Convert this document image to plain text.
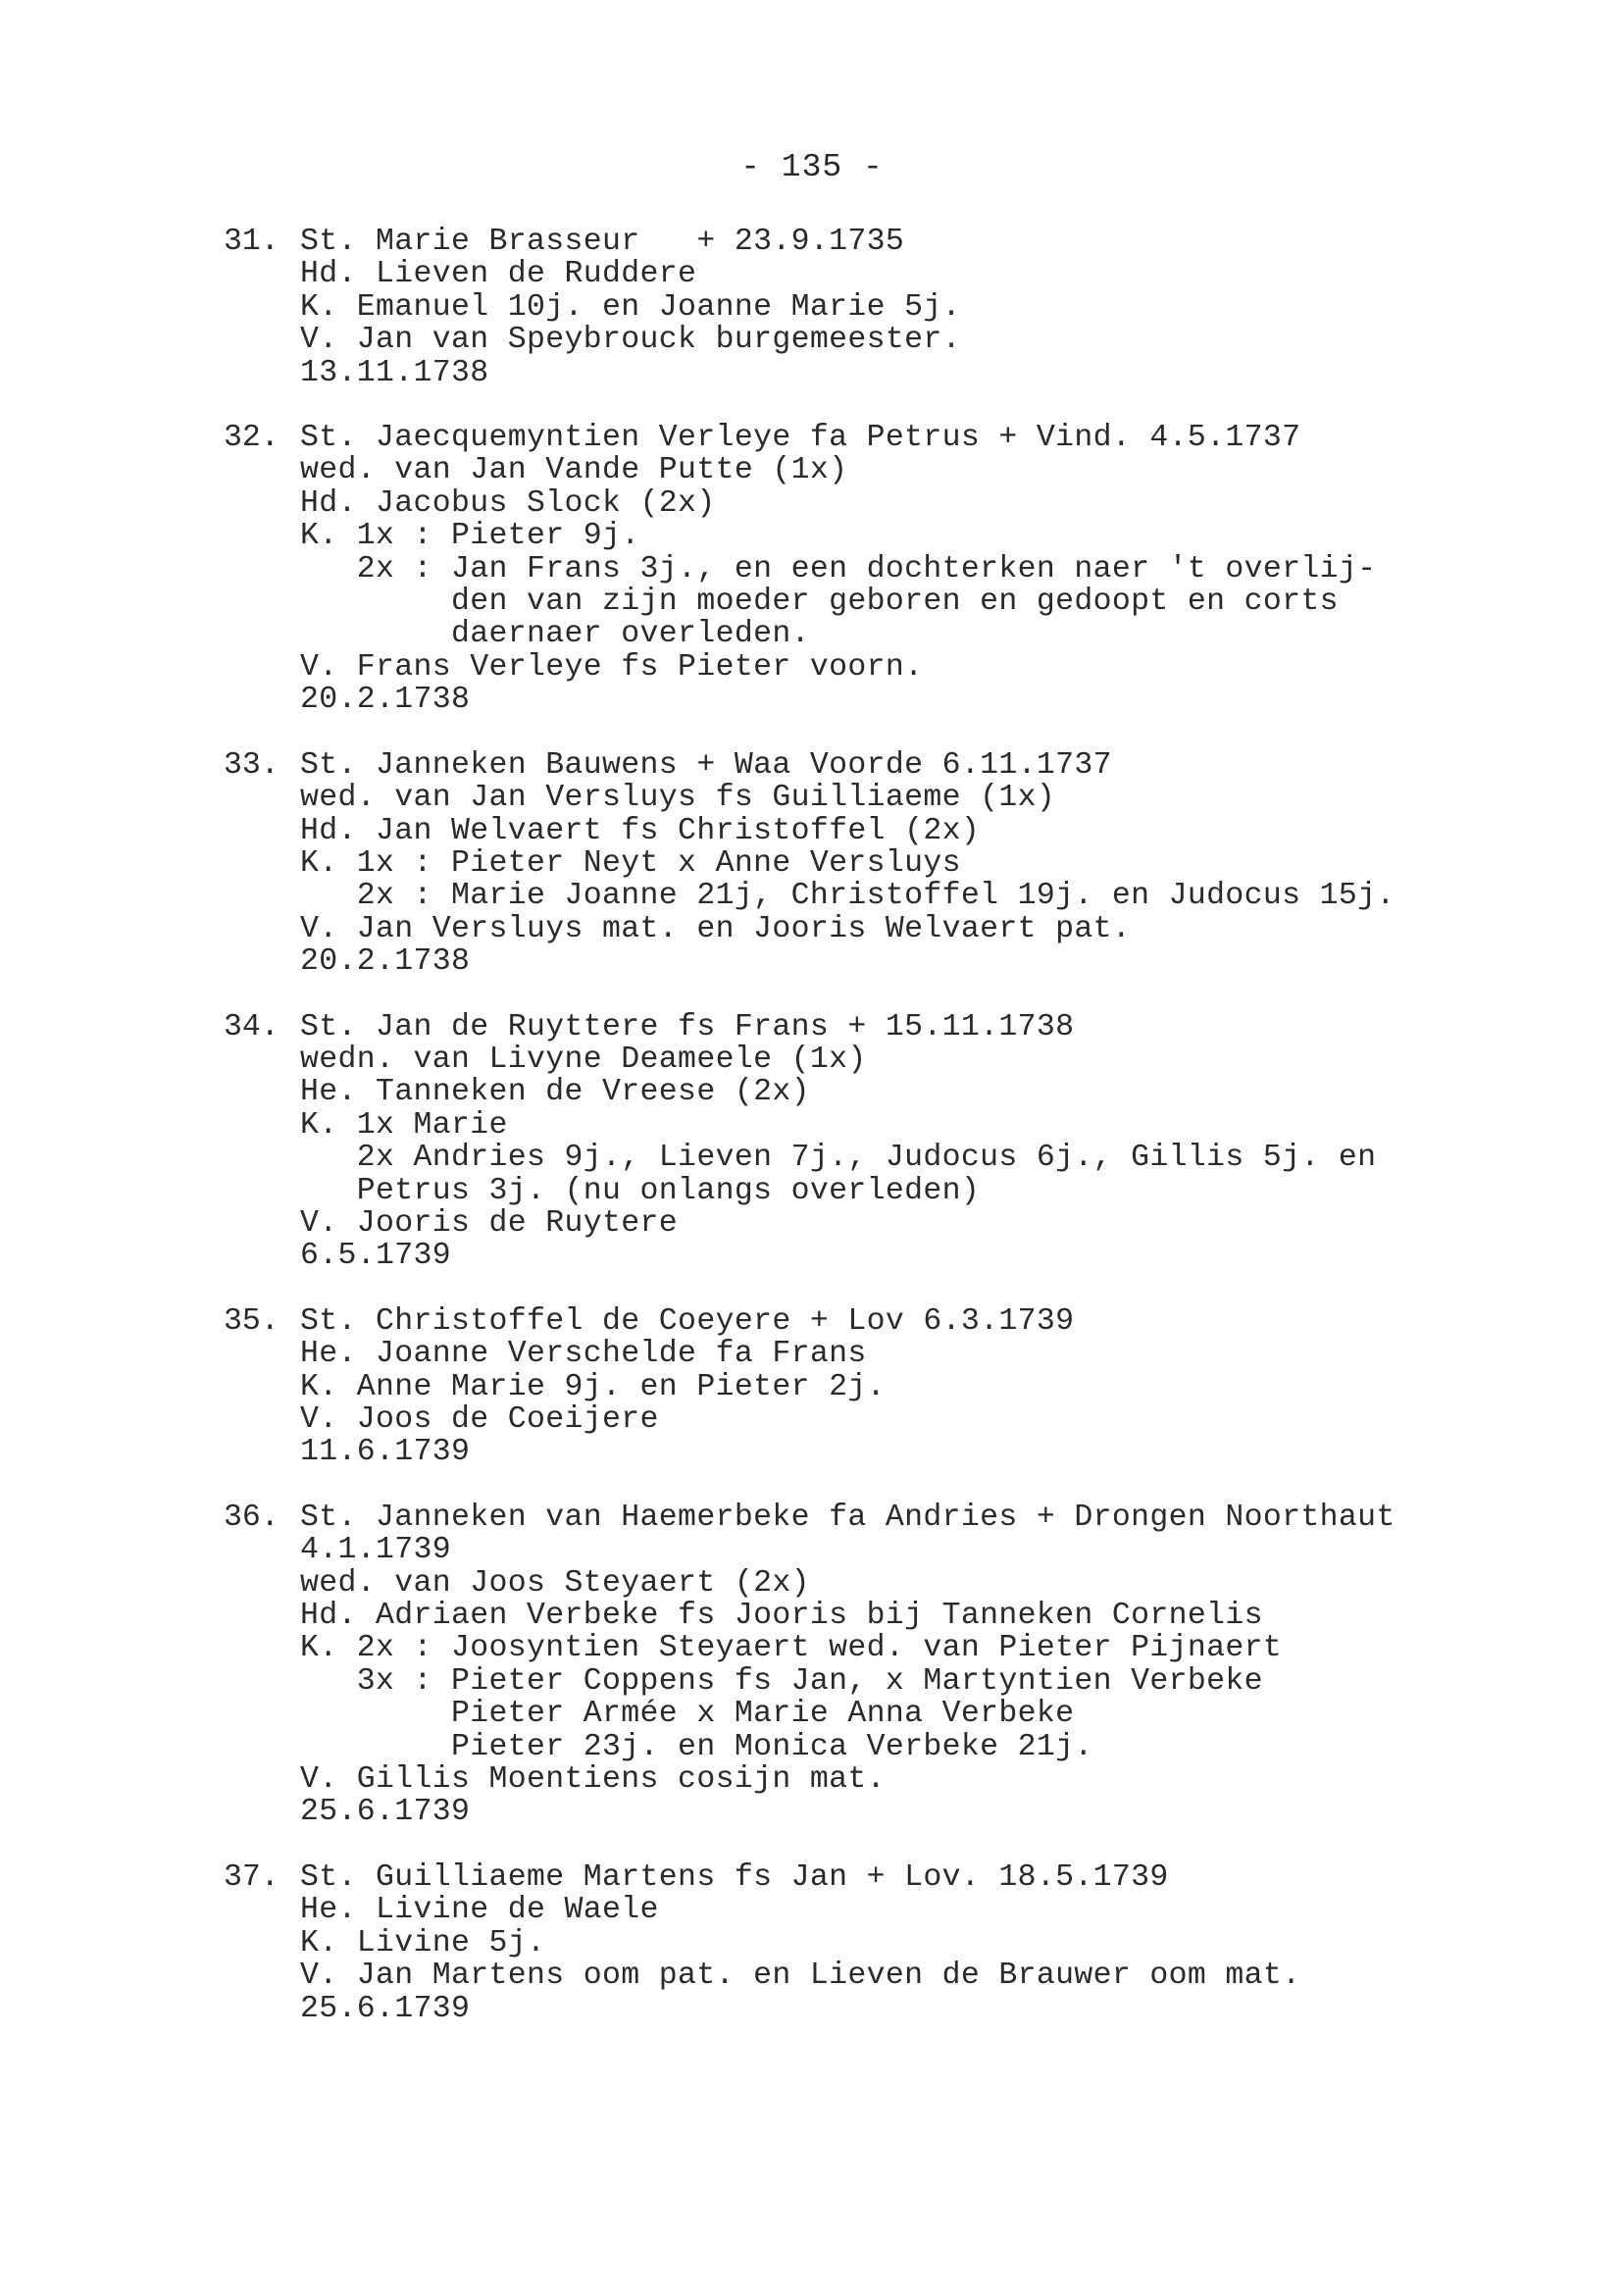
- 135 -
31. St. Marie Brasseur   + 23.9.1735
Hd. Lieven de Ruddere
K. Emanuel 10j. en Joanne Marie 5j.
V. Jan van Speybrouck burgemeester.
13.11.1738
32. St. Jaecquemyntien Verleye fa Petrus + Vind. 4.5.1737
wed. van Jan Vande Putte (1x)
Hd. Jacobus Slock (2x)
K. 1x : Pieter 9j.
2x : Jan Frans 3j., en een dochterken naer 't overlij-
den van zijn moeder geboren en gedoopt en corts
daernaer overleden.
V. Frans Verleye fs Pieter voorn.
20.2.1738
33. St. Janneken Bauwens + Waa Voorde 6.11.1737
wed. van Jan Versluys fs Guilliaeme (1x)
Hd. Jan Welvaert fs Christoffel (2x)
K. 1x : Pieter Neyt x Anne Versluys
2x : Marie Joanne 21j, Christoffel 19j. en Judocus 15j.
V. Jan Versluys mat. en Jooris Welvaert pat.
20.2.1738
34. St. Jan de Ruyttere fs Frans + 15.11.1738
wedn. van Livyne Deameele (1x)
He. Tanneken de Vreese (2x)
K. 1x Marie
2x Andries 9j., Lieven 7j., Judocus 6j., Gillis 5j. en
Petrus 3j. (nu onlangs overleden)
V. Jooris de Ruytere
6.5.1739
35. St. Christoffel de Coeyere + Lov 6.3.1739
He. Joanne Verschelde fa Frans
K. Anne Marie 9j. en Pieter 2j.
V. Joos de Coeijere
11.6.1739
36. St. Janneken van Haemerbeke fa Andries + Drongen Noorthaut
4.1.1739
wed. van Joos Steyaert (2x)
Hd. Adriaen Verbeke fs Jooris bij Tanneken Cornelis
K. 2x : Joosyntien Steyaert wed. van Pieter Pijnaert
3x : Pieter Coppens fs Jan, x Martyntien Verbeke
Pieter Armée x Marie Anna Verbeke
Pieter 23j. en Monica Verbeke 21j.
V. Gillis Moentiens cosijn mat.
25.6.1739
37. St. Guilliaeme Martens fs Jan + Lov. 18.5.1739
He. Livine de Waele
K. Livine 5j.
V. Jan Martens oom pat. en Lieven de Brauwer oom mat.
25.6.1739
